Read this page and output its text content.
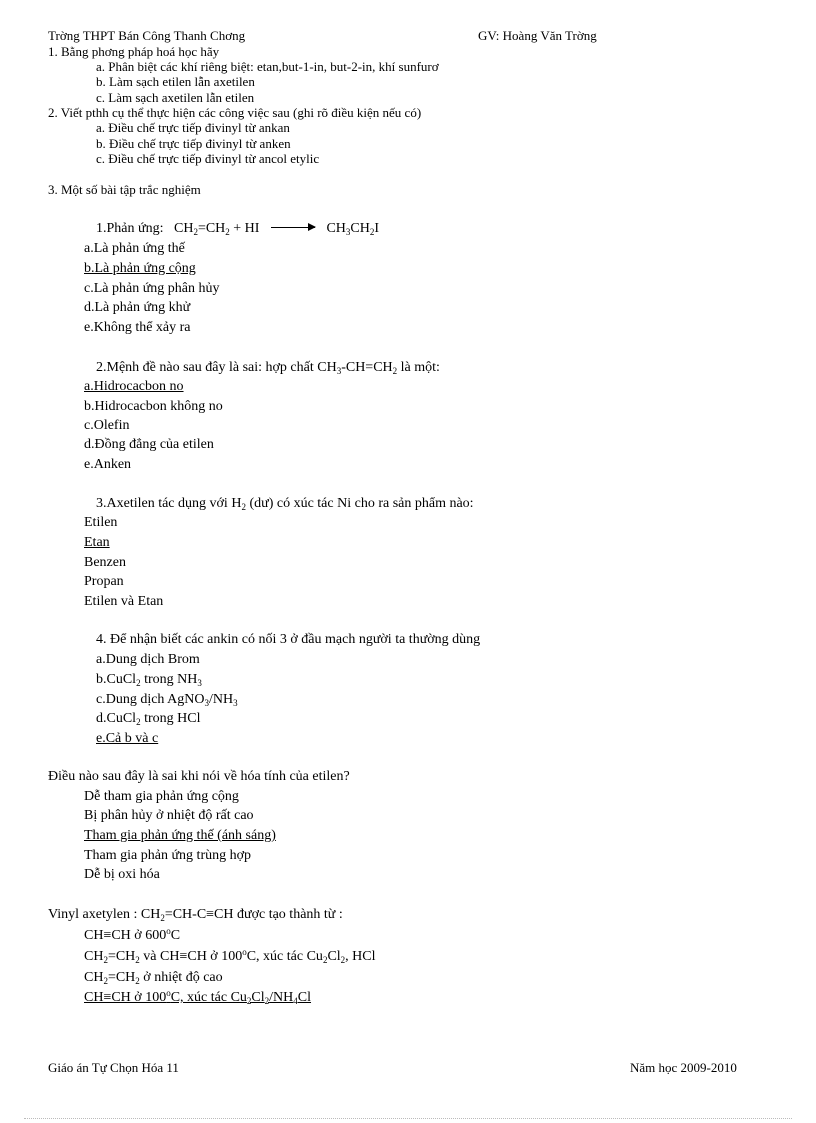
Trờng THPT Bán Công Thanh Chơng	GV: Hoàng Văn Trờng
1. Bằng phơng pháp hoá học hãy
a. Phân biệt các khí riêng biệt: etan,but-1-in, but-2-in, khí sunfurơ
b. Làm sạch etilen lẫn axetilen
c. Làm sạch axetilen lẫn etilen
2. Viết pthh cụ thể thực hiện các công việc sau (ghi rõ điều kiện nếu có)
a. Điều chế trực tiếp đivinyl từ ankan
b. Điều chế trực tiếp đivinyl từ anken
c. Điều chế trực tiếp đivinyl từ ancol etylic
3. Một số bài tập trắc nghiệm
1.Phản ứng: $CH_2=CH_2$ + HI	$CH_3CH_2I$
a.Là phản ứng thế
b.Là phản ứng cộng
c.Là phản ứng phân hủy
d.Là phản ứng khử
e.Không thể xảy ra
2.Mệnh đề nào sau đây là sai: hợp chất $CH_3-CH=CH_2$ là một:
a.Hidrocacbon no
b.Hidrocacbon không no
c.Olefin
d.Đồng đẳng của etilen
e.Anken
3.Axetilen tác dụng với $H_2$ (dư) có xúc tác Ni cho ra sản phẩm nào:
Etilen
Etan
Benzen
Propan
Etilen và Etan
4. Để nhận biết các ankin có nối 3 ở đầu mạch người ta thường dùng
a.Dung dịch Brom
b.CuCl$_2$ trong $NH_3$
c.Dung dịch $AgNO_3/NH_3$
d.CuCl$_2$ trong HCl
e.Cả b và c
Điều nào sau đây là sai khi nói về hóa tính của etilen?
Dễ tham gia phản ứng cộng
Bị phân hủy ở nhiệt độ rất cao
Tham gia phản ứng thế (ánh sáng)
Tham gia phản ứng trùng hợp
Dễ bị oxi hóa
Vinyl axetylen : $CH_2=CH-C\equiv CH$ được tạo thành từ :
CH≡CH ở 600$^o$C
$CH_2=CH_2$ và CH≡CH ở 100$^o$C, xúc tác $Cu_2Cl_2$, HCl
$CH_2=CH_2$ ở nhiệt độ cao
CH≡CH ở 100$^o$C, xúc tác $Cu_2Cl_2/NH_4Cl$
Giáo án Tự Chọn Hóa 11	Năm học 2009-2010
